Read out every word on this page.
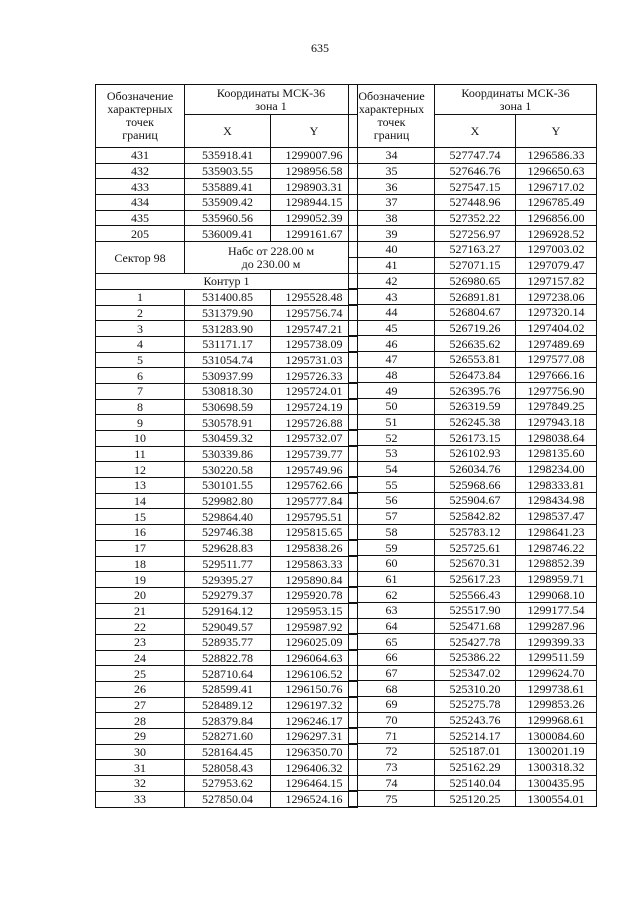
635
Обозначение
характерных
точек
границ	Координаты МСК-36
зона 1	

	X	Y
431	535918.41	1299007.96
432	535903.55	1298956.58
433	535889.41	1298903.31
434	535909.42	1298944.15
435	535960.56	1299052.39
205	536009.41	1299161.67
Сектор 98	Набс от 228.00 м
до 230.00 м	

Контур 1		
1	531400.85	1295528.48
2	531379.90	1295756.74
3	531283.90	1295747.21
4	531171.17	1295738.09
5	531054.74	1295731.03
6	530937.99	1295726.33
7	530818.30	1295724.01
8	530698.59	1295724.19
9	530578.91	1295726.88
10	530459.32	1295732.07
11	530339.86	1295739.77
12	530220.58	1295749.96
13	530101.55	1295762.66
14	529982.80	1295777.84
15	529864.40	1295795.51
16	529746.38	1295815.65
17	529628.83	1295838.26
18	529511.77	1295863.33
19	529395.27	1295890.84
20	529279.37	1295920.78
21	529164.12	1295953.15
22	529049.57	1295987.92
23	528935.77	1296025.09
24	528822.78	1296064.63
25	528710.64	1296106.52
26	528599.41	1296150.76
27	528489.12	1296197.32
28	528379.84	1296246.17
29	528271.60	1296297.31
30	528164.45	1296350.70
31	528058.43	1296406.32
32	527953.62	1296464.15
33	527850.04	1296524.16
Обозначение
характерных
точек
границ	Координаты МСК-36
зона 1	

	X	Y
34	527747.74	1296586.33
35	527646.76	1296650.63
36	527547.15	1296717.02
37	527448.96	1296785.49
38	527352.22	1296856.00
39	527256.97	1296928.52
40	527163.27	1297003.02
41	527071.15	1297079.47
42	526980.65	1297157.82
43	526891.81	1297238.06
44	526804.67	1297320.14
45	526719.26	1297404.02
46	526635.62	1297489.69
47	526553.81	1297577.08
48	526473.84	1297666.16
49	526395.76	1297756.90
50	526319.59	1297849.25
51	526245.38	1297943.18
52	526173.15	1298038.64
53	526102.93	1298135.60
54	526034.76	1298234.00
55	525968.66	1298333.81
56	525904.67	1298434.98
57	525842.82	1298537.47
58	525783.12	1298641.23
59	525725.61	1298746.22
60	525670.31	1298852.39
61	525617.23	1298959.71
62	525566.43	1299068.10
63	525517.90	1299177.54
64	525471.68	1299287.96
65	525427.78	1299399.33
66	525386.22	1299511.59
67	525347.02	1299624.70
68	525310.20	1299738.61
69	525275.78	1299853.26
70	525243.76	1299968.61
71	525214.17	1300084.60
72	525187.01	1300201.19
73	525162.29	1300318.32
74	525140.04	1300435.95
75	525120.25	1300554.01
